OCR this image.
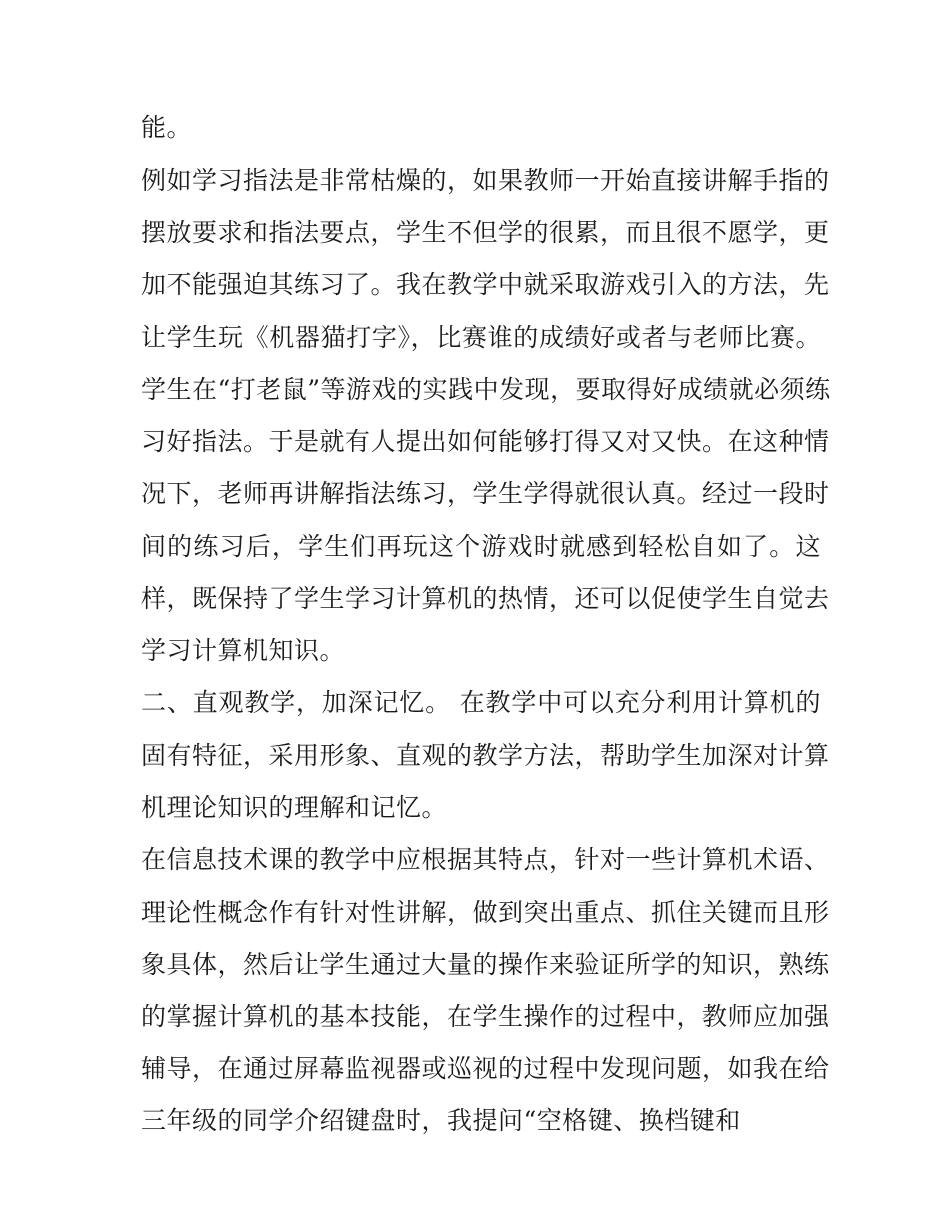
能。
例如学习指法是非常枯燥的，如果教师一开始直接讲解手指的
摆放要求和指法要点，学生不但学的很累，而且很不愿学，更
加不能强迫其练习了。我在教学中就采取游戏引入的方法，先
让学生玩《机器猫打字》，比赛谁的成绩好或者与老师比赛。
学生在“打老鼠”等游戏的实践中发现，要取得好成绩就必须练
习好指法。于是就有人提出如何能够打得又对又快。在这种情
况下，老师再讲解指法练习，学生学得就很认真。经过一段时
间的练习后，学生们再玩这个游戏时就感到轻松自如了。这
样，既保持了学生学习计算机的热情，还可以促使学生自觉去
学习计算机知识。
二、直观教学，加深记忆。 在教学中可以充分利用计算机的
固有特征，采用形象、直观的教学方法，帮助学生加深对计算
机理论知识的理解和记忆。
在信息技术课的教学中应根据其特点，针对一些计算机术语、
理论性概念作有针对性讲解，做到突出重点、抓住关键而且形
象具体，然后让学生通过大量的操作来验证所学的知识，熟练
的掌握计算机的基本技能，在学生操作的过程中，教师应加强
辅导，在通过屏幕监视器或巡视的过程中发现问题，如我在给
三年级的同学介绍键盘时，我提问“空格键、换档键和
